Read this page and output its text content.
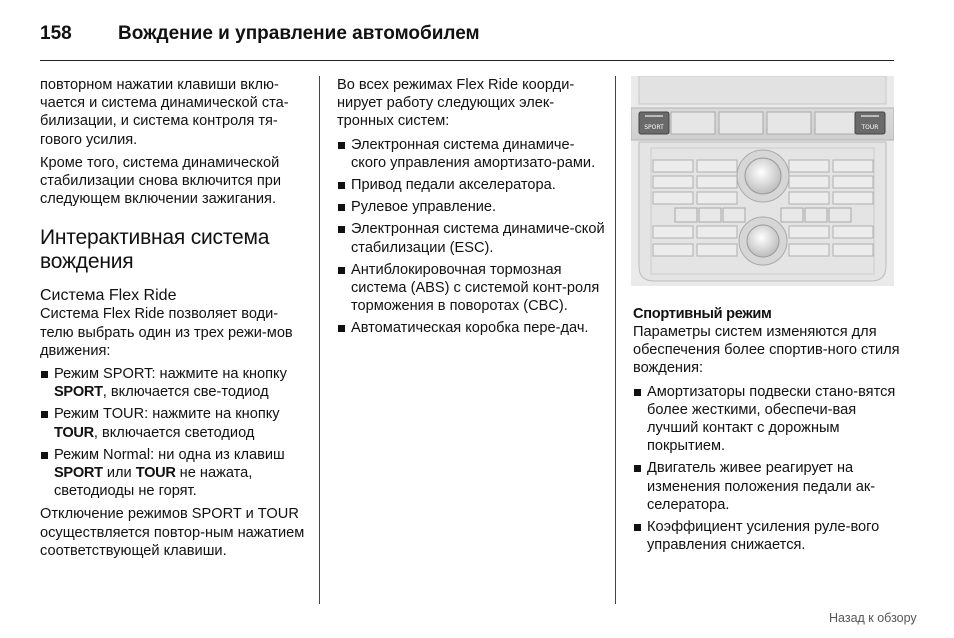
158 Вождение и управление автомобилем

повторном нажатии клавиши вклю-чается и система динамической ста-билизации, и система контроля тя-гового усилия.

Кроме того, система динамической стабилизации снова включится при следующем включении зажигания.

Интерактивная система вождения
Система Flex Ride

Система Flex Ride позволяет води-телю выбрать один из трех режи-мов движения:

Режим SPORT: нажмите на кнопку SPORT, включается све-тодиод
Режим TOUR: нажмите на кнопку TOUR, включается светодиод
Режим Normal: ни одна из клавиш SPORT или TOUR не нажата, светодиоды не горят.

Отключение режимов SPORT и TOUR осуществляется повтор-ным нажатием соответствующей клавиши.

Во всех режимах Flex Ride коорди-нирует работу следующих элек-тронных систем:

Электронная система динамиче-ского управления амортизато-рами.
Привод педали акселератора.
Рулевое управление.
Электронная система динамиче-ской стабилизации (ESC).
Антиблокировочная тормозная система (ABS) с системой конт-роля торможения в поворотах (CBC).
Автоматическая коробка пере-дач.
SPORT	TOUR
Спортивный режим

Параметры систем изменяются для обеспечения более спортив-ного стиля вождения:

Амортизаторы подвески стано-вятся более жесткими, обеспечи-вая лучший контакт с дорожным покрытием.
Двигатель живее реагирует на изменения положения педали ак-селератора.
Коэффициент усиления руле-вого управления снижается.
Назад к обзору
